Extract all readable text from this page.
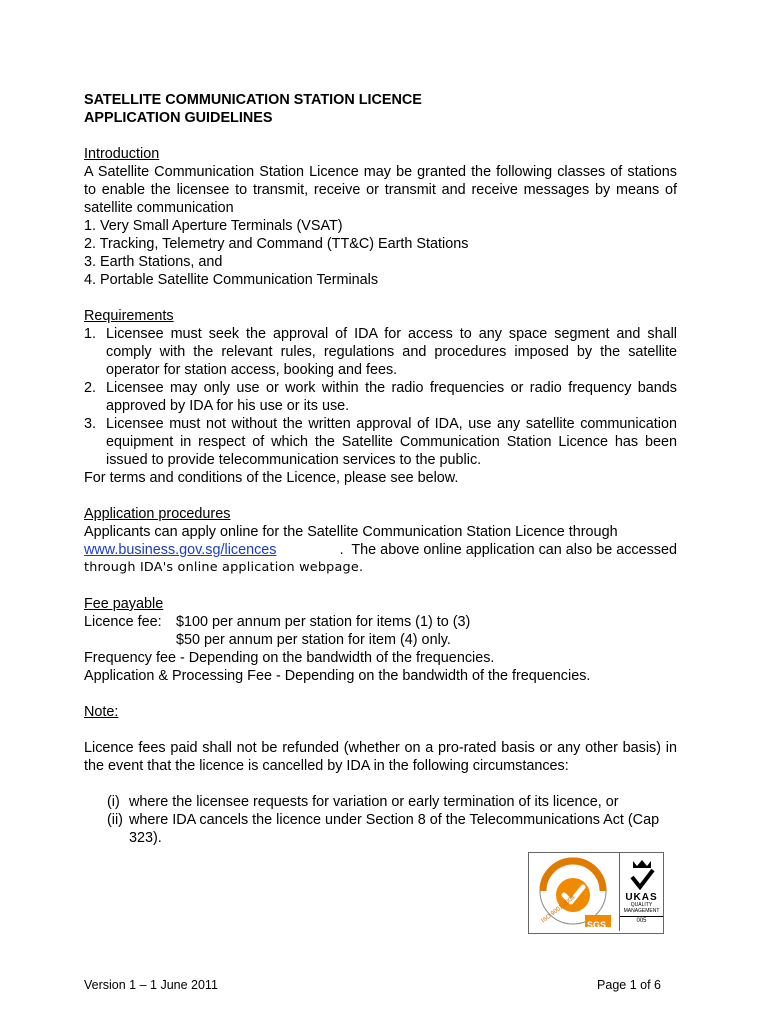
SATELLITE COMMUNICATION STATION LICENCE
APPLICATION GUIDELINES

Introduction

A Satellite Communication Station Licence may be granted the following classes of stations to enable the licensee to transmit, receive or transmit and receive messages by means of satellite communication

1. Very Small Aperture Terminals (VSAT)

2. Tracking, Telemetry and Command (TT&C) Earth Stations

3. Earth Stations, and

4. Portable Satellite Communication Terminals

Requirements

1. Licensee must seek the approval of IDA for access to any space segment and shall comply with the relevant rules, regulations and procedures imposed by the satellite operator for station access, booking and fees.
2. Licensee may only use or work within the radio frequencies or radio frequency bands approved by IDA for his use or its use.
3. Licensee must not without the written approval of IDA, use any satellite communication equipment in respect of which the Satellite Communication Station Licence has been issued to provide telecommunication services to the public.

For terms and conditions of the Licence, please see below.

Application procedures

Applicants can apply online for the Satellite Communication Station Licence through

www.business.gov.sg/licences	.  The above online application can also be accessed

through IDA's online application webpage.

Fee payable

Licence fee: $100 per annum per station for items (1) to (3)
$50 per annum per station for item (4) only.

Frequency fee - Depending on the bandwidth of the frequencies.

Application & Processing Fee - Depending on the bandwidth of the frequencies.

Note:

Licence fees paid shall not be refunded (whether on a pro-rated basis or any other basis) in the event that the licence is cancelled by IDA in the following circumstances:

(i) where the licensee requests for variation or early termination of its licence, or
(ii) where IDA cancels the licence under Section 8 of the Telecommunications Act (Cap 323).
ISO 9001:2008
SGS
UKAS
QUALITY MANAGEMENT
005
Version 1 – 1 June 2011	Page 1 of 6
